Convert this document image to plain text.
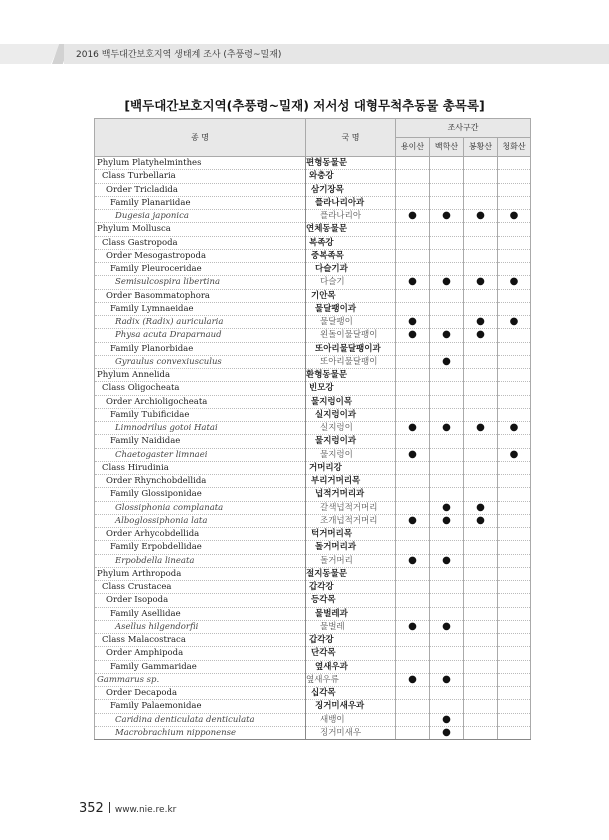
2016 백두대간보호지역 생태계 조사 (추풍령~밀재)
[백두대간보호지역(추풍령~밀재) 저서성 대형무척추동물 총목록]
종 명	국 명	조사구간			
		용이산	백학산	봉황산	청화산
Phylum Platyhelminthes	편형동물문				
Class Turbellaria	와충강				
Order Tricladida	삼기장목				
Family Planariidae	플라나리아과				
Dugesia japonica	플라나리아	●	●	●	●
Phylum Mollusca	연체동물문				
Class Gastropoda	복족강				
Order Mesogastropoda	중복족목				
Family Pleuroceridae	다슬기과				
Semisulcospira libertina	다슬기	●	●	●	●
Order Basommatophora	기안목				
Family Lymnaeidae	물달팽이과				
Radix (Radix) auricularia	물달팽이	●		●	●
Physa acuta Draparnaud	왼돌이물달팽이	●	●	●	
Family Planorbidae	또아리물달팽이과				
Gyraulus convexiusculus	또아리물달팽이		●		
Phylum Annelida	환형동물문				
Class Oligocheata	빈모강				
Order Archioligocheata	물지렁이목				
Family Tubificidae	실지렁이과				
Limnodrilus gotoi Hatai	실지렁이	●	●	●	●
Family Naididae	물지렁이과				
Chaetogaster limnaei	물지렁이	●			●
Class Hirudinia	거머리강				
Order Rhynchobdellida	부리거머리목				
Family Glossiponidae	넙적거머리과				
Glossiphonia complanata	갈색넙적거머리		●	●	
Alboglossiphonia lata	조개넙적거머리	●	●	●	
Order Arhycobdellida	턱거머리목				
Family Erpobdellidae	돌거머리과				
Erpobdella lineata	돌거머리	●	●		
Phylum Arthropoda	절지동물문				
Class Crustacea	갑각강				
Order Isopoda	등각목				
Family Asellidae	물벌레과				
Asellus hilgendorfii	물벌레	●	●		
Class Malacostraca	갑각강				
Order Amphipoda	단각목				
Family Gammaridae	옆새우과				
Gammarus sp.	옆새우류	●	●		
Order Decapoda	십각목				
Family Palaemonidae	징거미새우과				
Caridina denticulata denticulata	새뱅이		●		
Macrobrachium nipponense	징거미새우		●		
352 www.nie.re.kr
